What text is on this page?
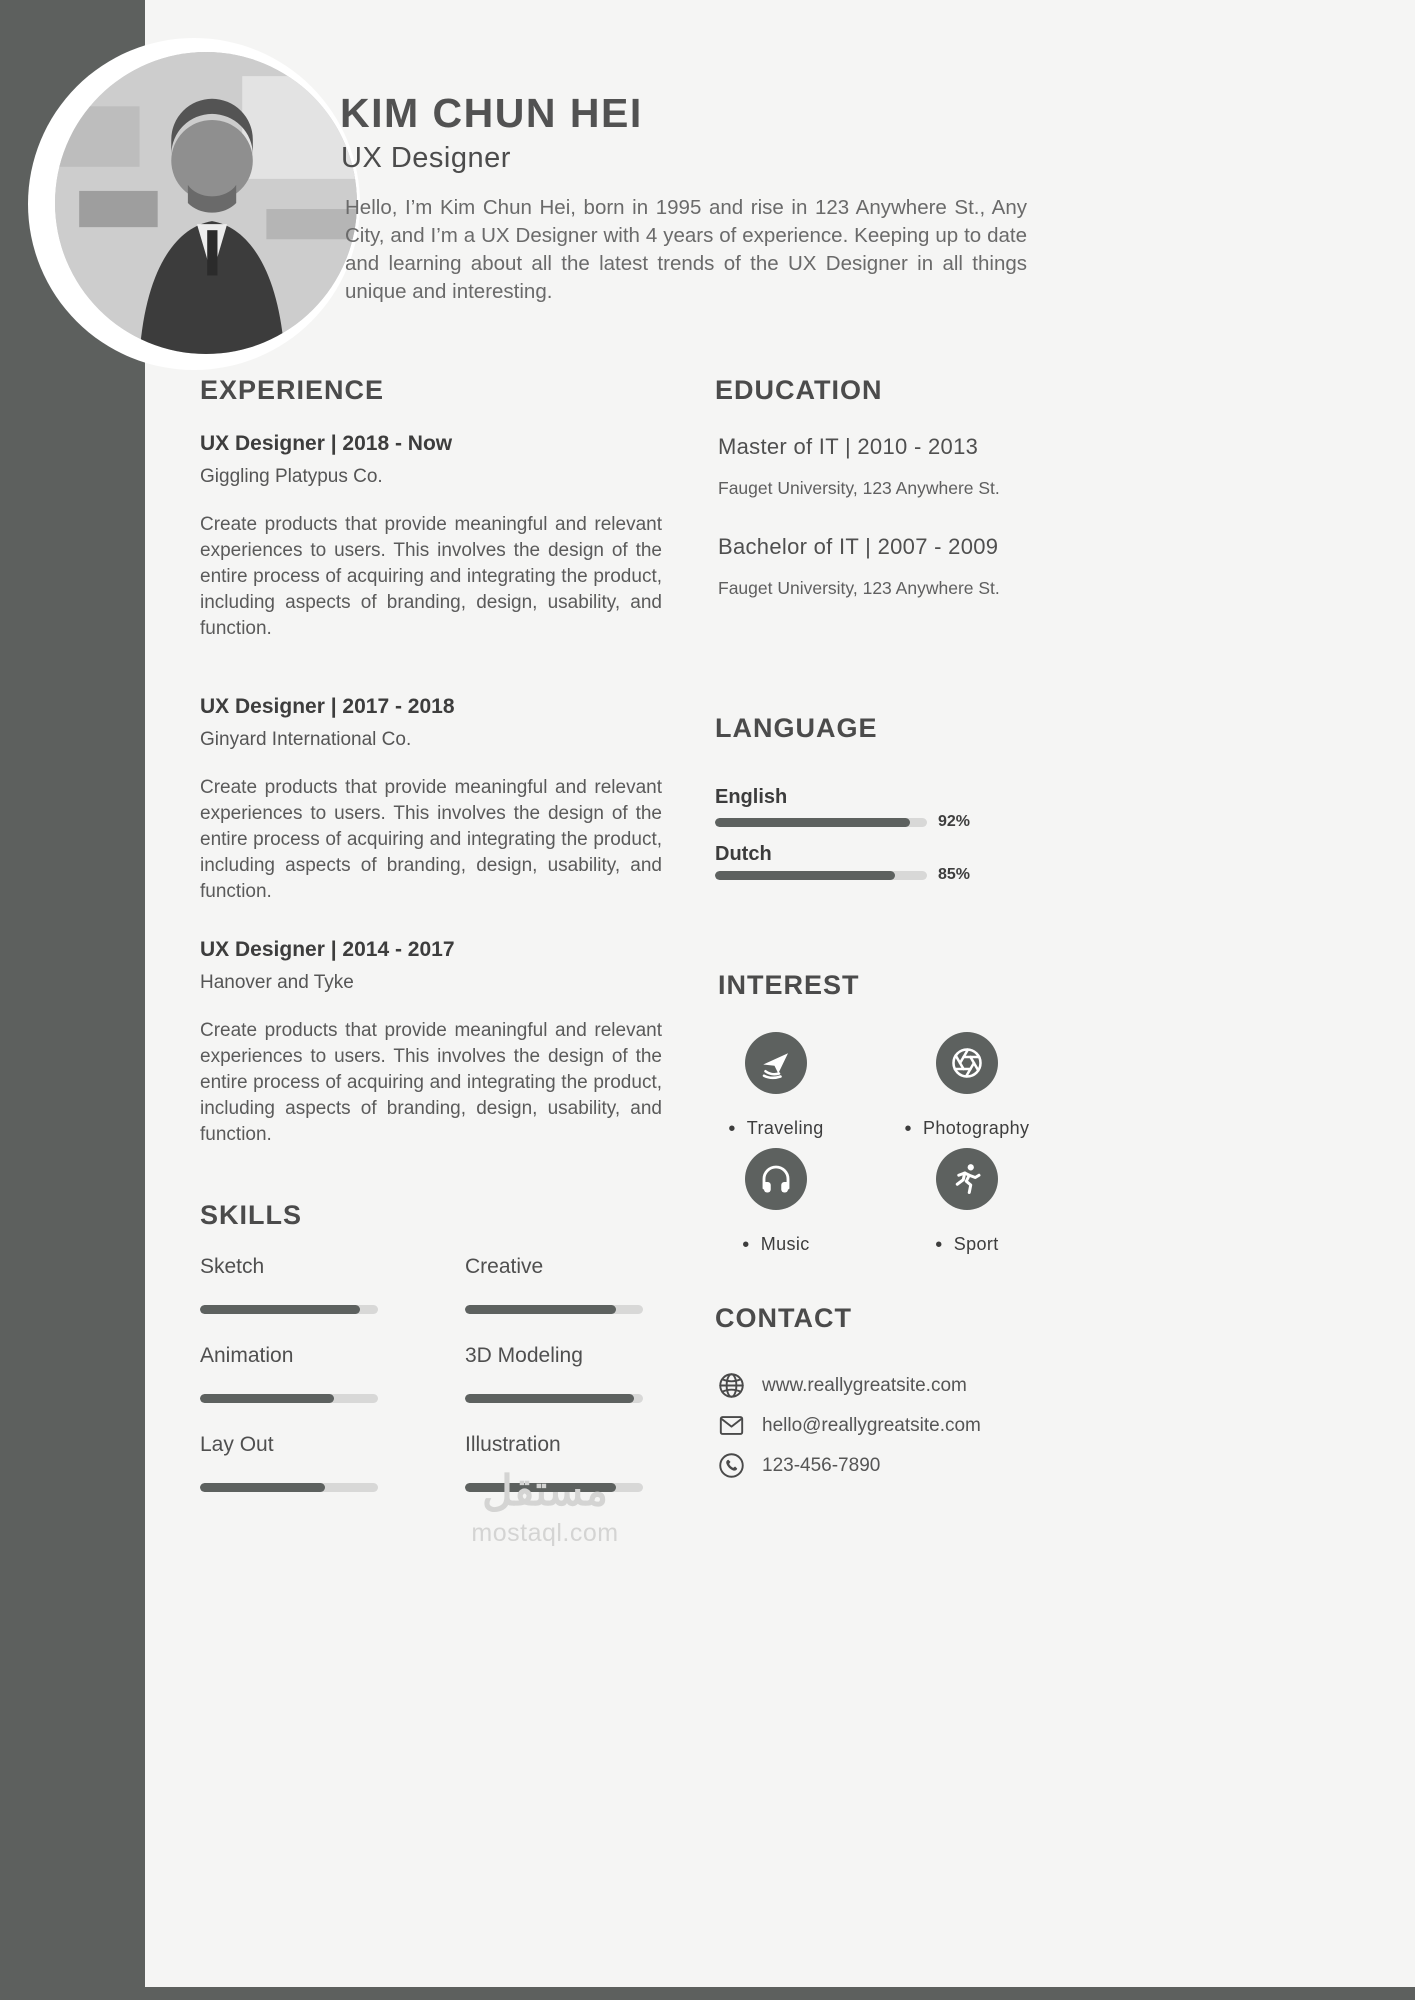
KIM CHUN HEI
UX Designer

Hello, I’m Kim Chun Hei, born in 1995 and rise in 123 Anywhere St., Any City, and I’m a UX Designer with 4 years of experience. Keeping up to date and learning about all the latest trends of the UX Designer in all things unique and interesting.

EXPERIENCE
UX Designer | 2018 - Now
Giggling Platypus Co.
Create products that provide meaningful and relevant experiences to users. This involves the design of the entire process of acquiring and integrating the product, including aspects of branding, design, usability, and function.
UX Designer | 2017 - 2018
Ginyard International Co.
Create products that provide meaningful and relevant experiences to users. This involves the design of the entire process of acquiring and integrating the product, including aspects of branding, design, usability, and function.
UX Designer | 2014 - 2017
Hanover and Tyke
Create products that provide meaningful and relevant experiences to users. This involves the design of the entire process of acquiring and integrating the product, including aspects of branding, design, usability, and function.
SKILLS
Sketch	Creative
Animation	3D Modeling
Lay Out	Illustration
EDUCATION
Master of IT | 2010 - 2013
Fauget University, 123 Anywhere St.
Bachelor of IT | 2007 - 2009
Fauget University, 123 Anywhere St.
LANGUAGE
English
92%
Dutch
85%
INTEREST
• Traveling	• Photography
• Music	• Sport
CONTACT
www.reallygreatsite.com
hello@reallygreatsite.com
123-456-7890
مستقل
mostaql.com
